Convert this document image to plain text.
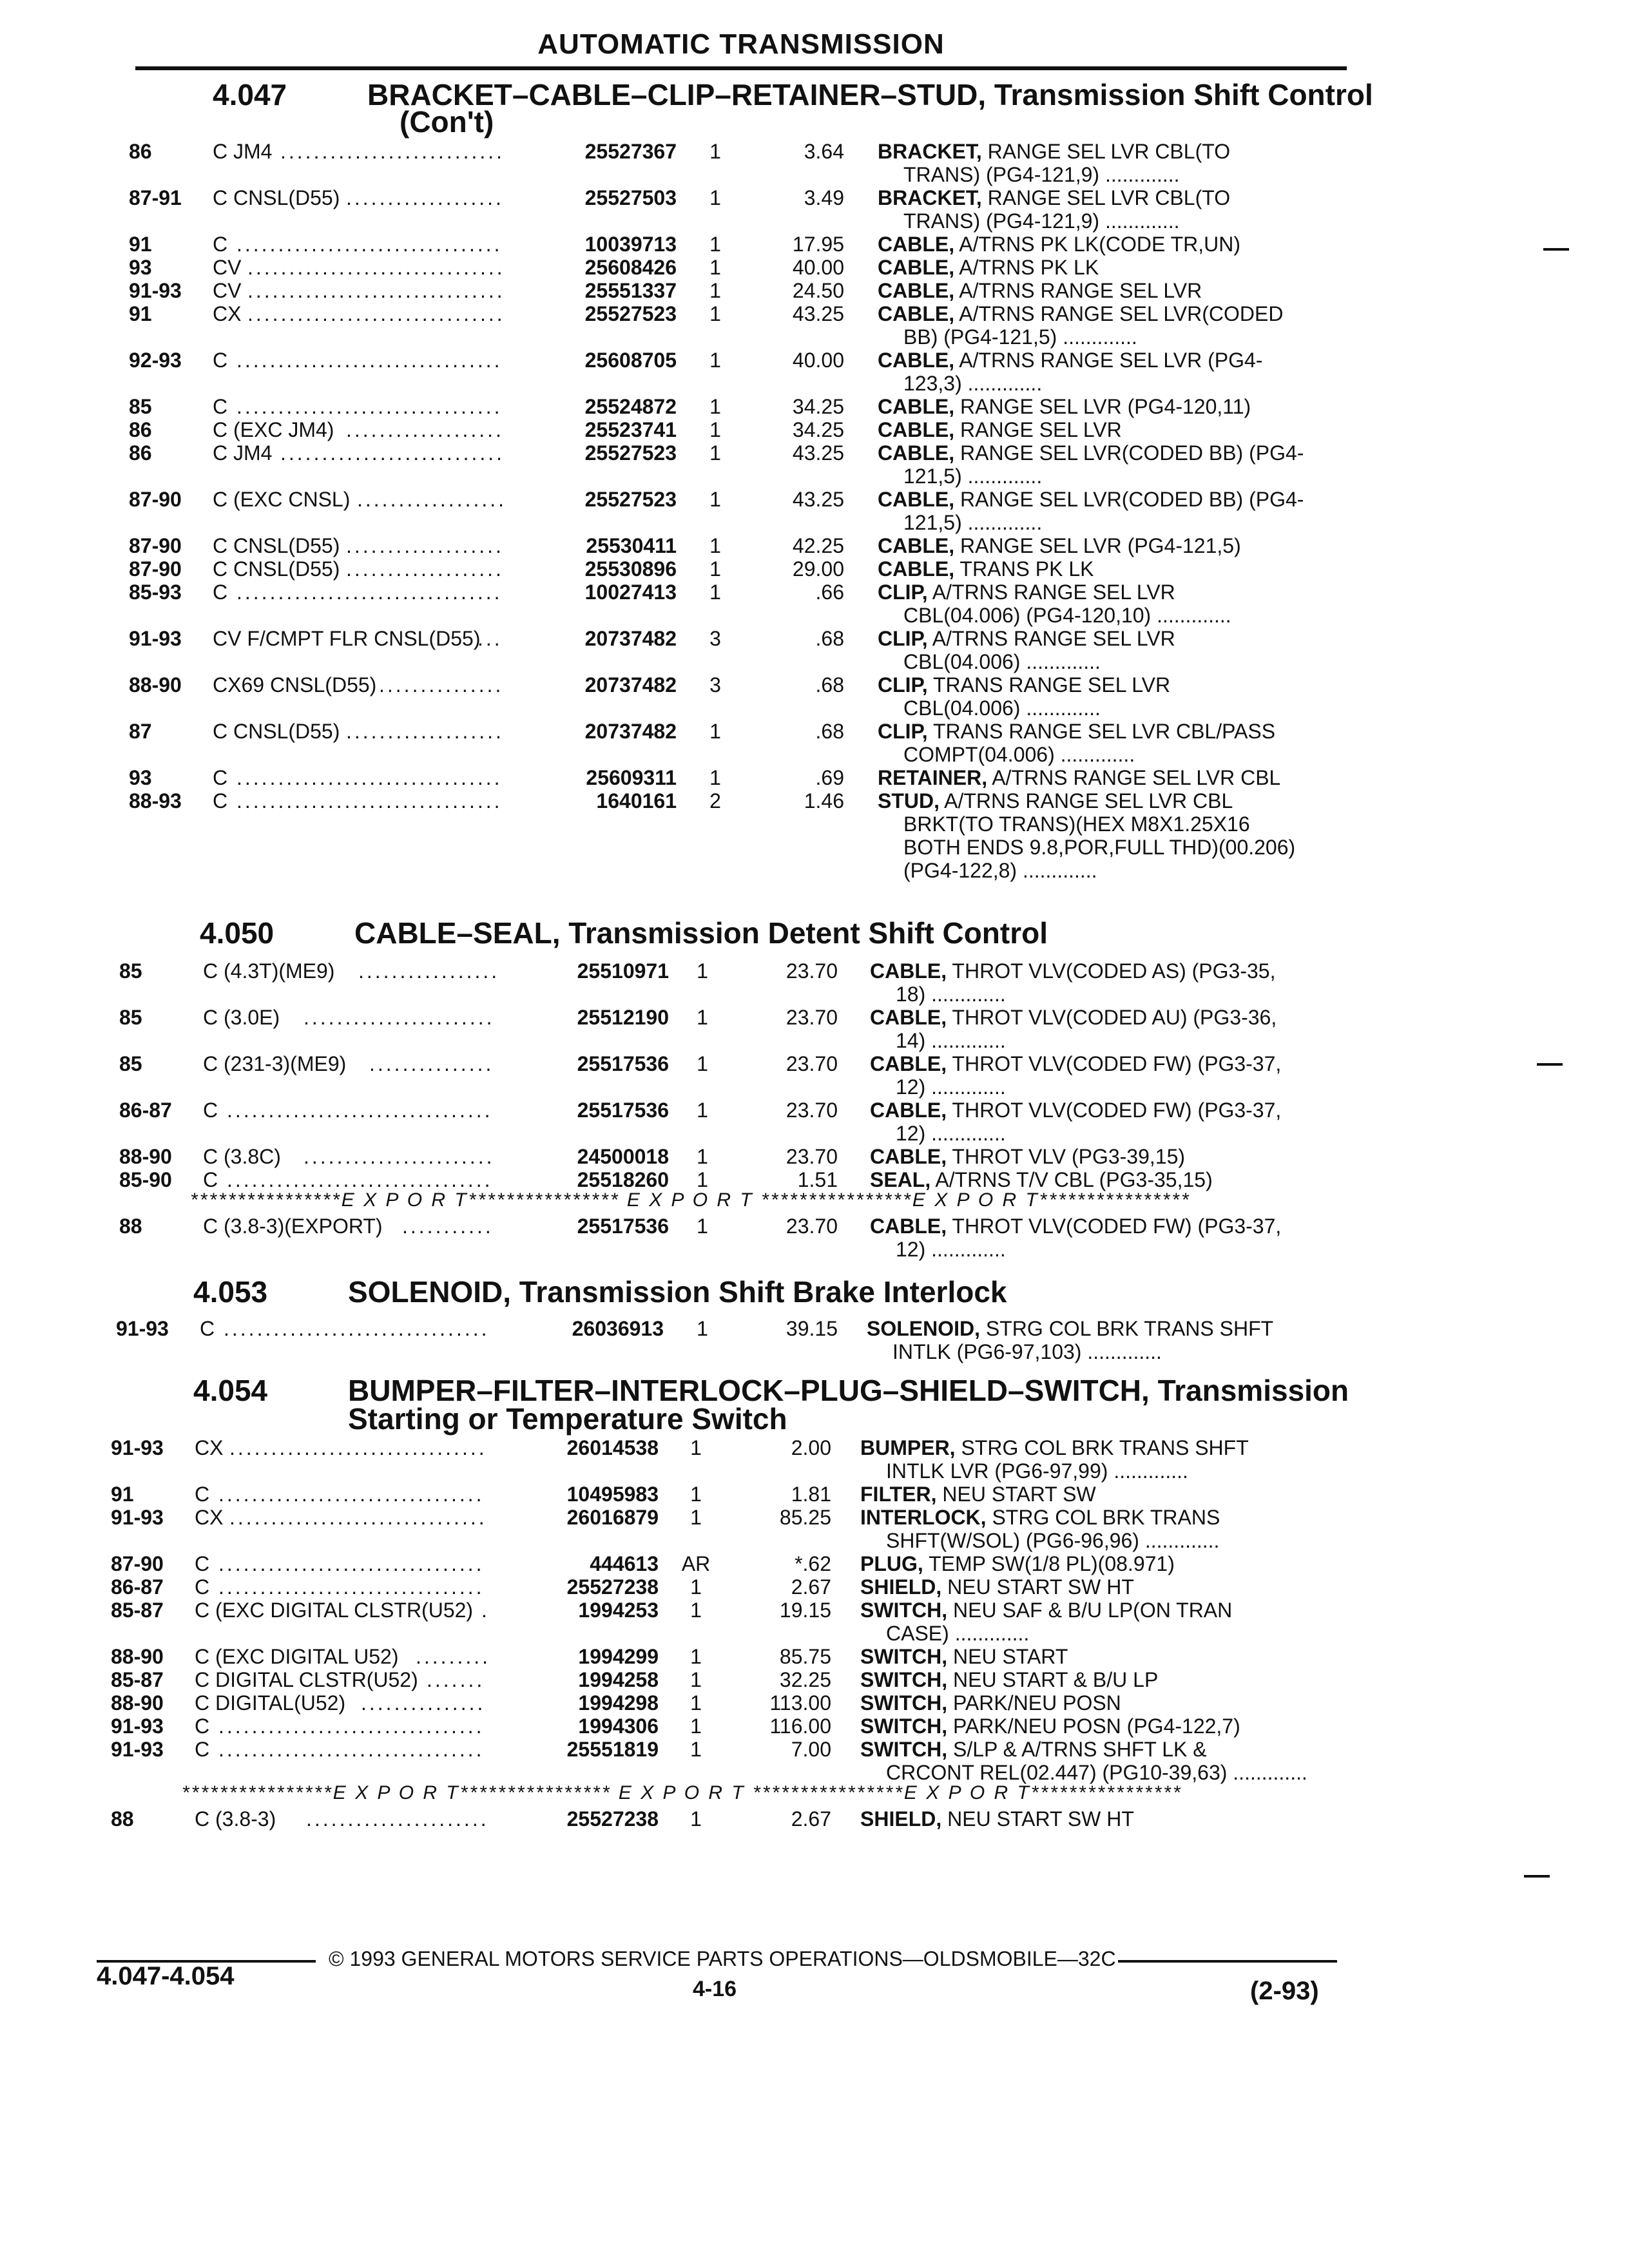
AUTOMATIC TRANSMISSION
4.047	BRACKET–CABLE–CLIP–RETAINER–STUD, Transmission Shift Control
(Con't)
4.050	CABLE–SEAL, Transmission Detent Shift Control
4.053	SOLENOID, Transmission Shift Brake Interlock
4.054	BUMPER–FILTER–INTERLOCK–PLUG–SHIELD–SWITCH, Transmission
Starting or Temperature Switch
86	C JM4 ...........................	25527367	1	3.64 BRACKET, RANGE SEL LVR CBL(TO
TRANS) (PG4-121,9) .............
87-91 C CNSL(D55) ...................	25527503	1	3.49 BRACKET, RANGE SEL LVR CBL(TO
TRANS) (PG4-121,9) .............
91	C ................................	10039713	1	17.95 CABLE, A/TRNS PK LK(CODE TR,UN)
93	CV ...............................	25608426	1	40.00 CABLE, A/TRNS PK LK
91-93 CV ...............................	25551337	1	24.50 CABLE, A/TRNS RANGE SEL LVR
91	CX ...............................	25527523	1	43.25 CABLE, A/TRNS RANGE SEL LVR(CODED
BB) (PG4-121,5) .............
92-93 C ................................	25608705	1	40.00 CABLE, A/TRNS RANGE SEL LVR (PG4-
123,3) .............
85	C ................................	25524872	1	34.25 CABLE, RANGE SEL LVR (PG4-120,11)
86	C (EXC JM4) ...................	25523741	1	34.25 CABLE, RANGE SEL LVR
86	C JM4 ...........................	25527523	1	43.25 CABLE, RANGE SEL LVR(CODED BB) (PG4-
121,5) .............
87-90 C (EXC CNSL) ..................	25527523	1	43.25 CABLE, RANGE SEL LVR(CODED BB) (PG4-
121,5) .............
87-90 C CNSL(D55) ...................	25530411	1	42.25 CABLE, RANGE SEL LVR (PG4-121,5)
87-90 C CNSL(D55) ...................	25530896	1	29.00 CABLE, TRANS PK LK
85-93 C ................................	10027413	1	.66 CLIP, A/TRNS RANGE SEL LVR
CBL(04.006) (PG4-120,10) .............
91-93 CV F/CMPT FLR CNSL(D55)
...	20737482	3	.68 CLIP, A/TRNS RANGE SEL LVR
CBL(04.006) .............
88-90 CX69 CNSL(D55) ...............	20737482	3	.68 CLIP, TRANS RANGE SEL LVR
CBL(04.006) .............
87	C CNSL(D55) ...................	20737482	1	.68 CLIP, TRANS RANGE SEL LVR CBL/PASS
COMPT(04.006) .............
93	C ................................	25609311	1	.69 RETAINER, A/TRNS RANGE SEL LVR CBL
88-93 C ................................	1640161	2	1.46 STUD, A/TRNS RANGE SEL LVR CBL
BRKT(TO TRANS)(HEX M8X1.25X16
BOTH ENDS 9.8,POR,FULL THD)(00.206)
(PG4-122,8) .............
85	C (4.3T)(ME9) .................	25510971	1	23.70 CABLE, THROT VLV(CODED AS) (PG3-35,
18) .............
85	C (3.0E) .......................	25512190	1	23.70 CABLE, THROT VLV(CODED AU) (PG3-36,
14) .............
85	C (231-3)(ME9) ...............	25517536	1	23.70 CABLE, THROT VLV(CODED FW) (PG3-37,
12) .............
86-87 C ................................	25517536	1	23.70 CABLE, THROT VLV(CODED FW) (PG3-37,
12) .............
88-90 C (3.8C) .......................	24500018	1	23.70 CABLE, THROT VLV (PG3-39,15)
85-90 C ................................	25518260	1	1.51 SEAL, A/TRNS T/V CBL (PG3-35,15)
****************E X P O R T**************** E X P O R T ****************E X P O R T****************
88	C (3.8-3)(EXPORT) ...........	25517536	1	23.70 CABLE, THROT VLV(CODED FW) (PG3-37,
12) .............
91-93 C ................................	26036913	1	39.15 SOLENOID, STRG COL BRK TRANS SHFT
INTLK (PG6-97,103) .............
91-93 CX ...............................	26014538	1	2.00 BUMPER, STRG COL BRK TRANS SHFT
INTLK LVR (PG6-97,99) .............
91	C ................................	10495983	1	1.81 FILTER, NEU START SW
91-93 CX ...............................	26016879	1	85.25 INTERLOCK, STRG COL BRK TRANS
SHFT(W/SOL) (PG6-96,96) .............
87-90 C ................................	444613 AR	*.62 PLUG, TEMP SW(1/8 PL)(08.971)
86-87 C ................................	25527238	1	2.67 SHIELD, NEU START SW HT
85-87 C (EXC DIGITAL CLSTR(U52) .	1994253	1	19.15 SWITCH, NEU SAF & B/U LP(ON TRAN
CASE) .............
88-90 C (EXC DIGITAL U52) .........	1994299	1	85.75 SWITCH, NEU START
85-87 C DIGITAL CLSTR(U52) .......	1994258	1	32.25 SWITCH, NEU START & B/U LP
88-90 C DIGITAL(U52) ...............	1994298	1	113.00 SWITCH, PARK/NEU POSN
91-93 C ................................	1994306	1	116.00 SWITCH, PARK/NEU POSN (PG4-122,7)
91-93 C ................................	25551819	1	7.00 SWITCH, S/LP & A/TRNS SHFT LK &
CRCONT REL(02.447) (PG10-39,63) .............
****************E X P O R T**************** E X P O R T ****************E X P O R T****************
88	C (3.8-3) ......................	25527238	1	2.67 SHIELD, NEU START SW HT
© 1993 GENERAL MOTORS SERVICE PARTS OPERATIONS—OLDSMOBILE—32C
4.047-4.054	4-16	(2-93)
